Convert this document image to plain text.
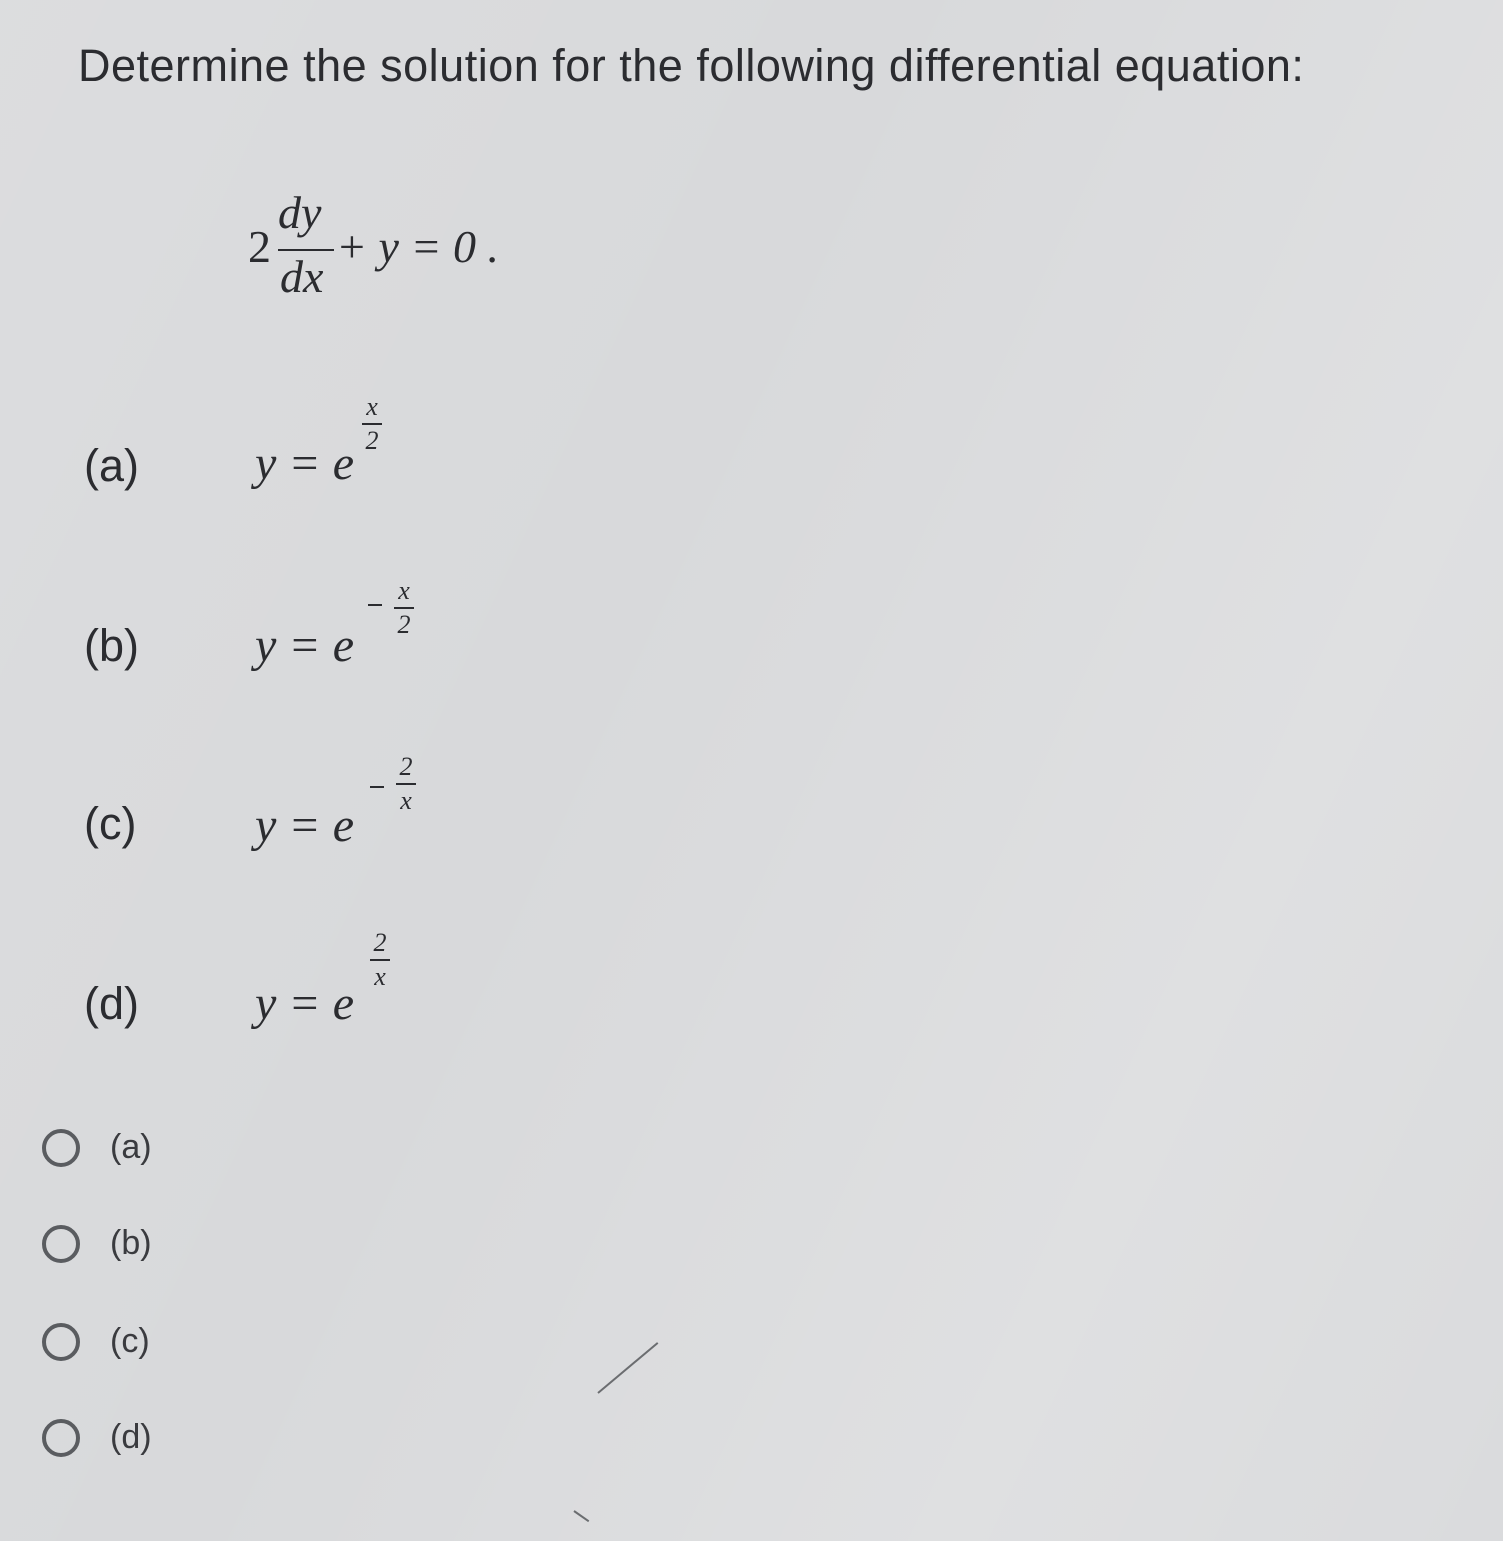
Determine the solution for the following differential equation:
2
dy
dx
+ y = 0 .
(a) y = e
x
2
(b) y = e
x
2
(c) y = e
2
x
(d) y = e
2
x
(a)
(b)
(c)
(d)
